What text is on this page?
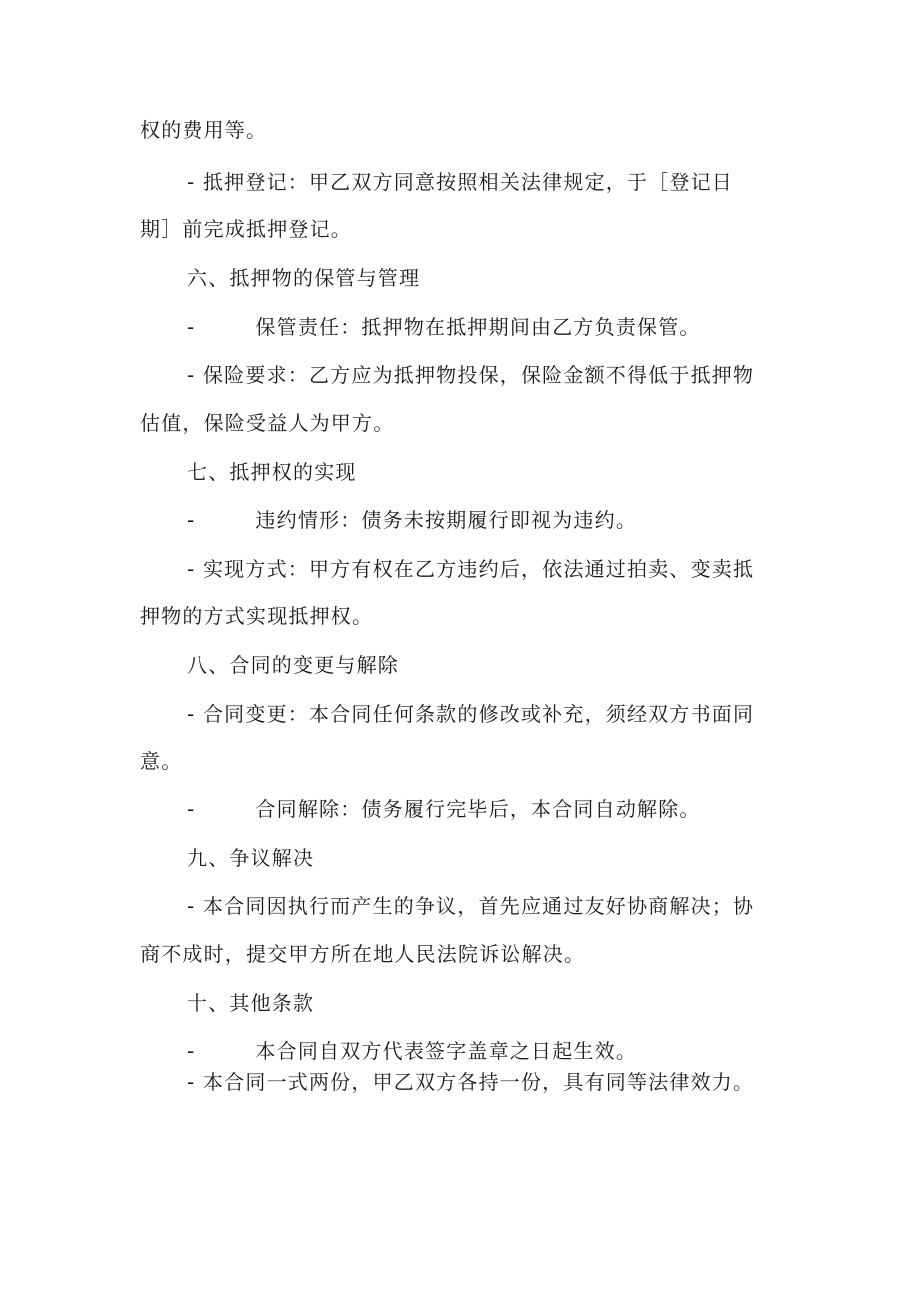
权的费用等。
- 抵押登记：甲乙双方同意按照相关法律规定，于［登记日
期］前完成抵押登记。
六、抵押物的保管与管理
-	保管责任：抵押物在抵押期间由乙方负责保管。
- 保险要求：乙方应为抵押物投保，保险金额不得低于抵押物
估值，保险受益人为甲方。
七、抵押权的实现
-	违约情形：债务未按期履行即视为违约。
- 实现方式：甲方有权在乙方违约后，依法通过拍卖、变卖抵
押物的方式实现抵押权。
八、合同的变更与解除
- 合同变更：本合同任何条款的修改或补充，须经双方书面同
意。
-	合同解除：债务履行完毕后，本合同自动解除。
九、争议解决
- 本合同因执行而产生的争议，首先应通过友好协商解决；协
商不成时，提交甲方所在地人民法院诉讼解决。
十、其他条款
-	本合同自双方代表签字盖章之日起生效。
- 本合同一式两份，甲乙双方各持一份，具有同等法律效力。
